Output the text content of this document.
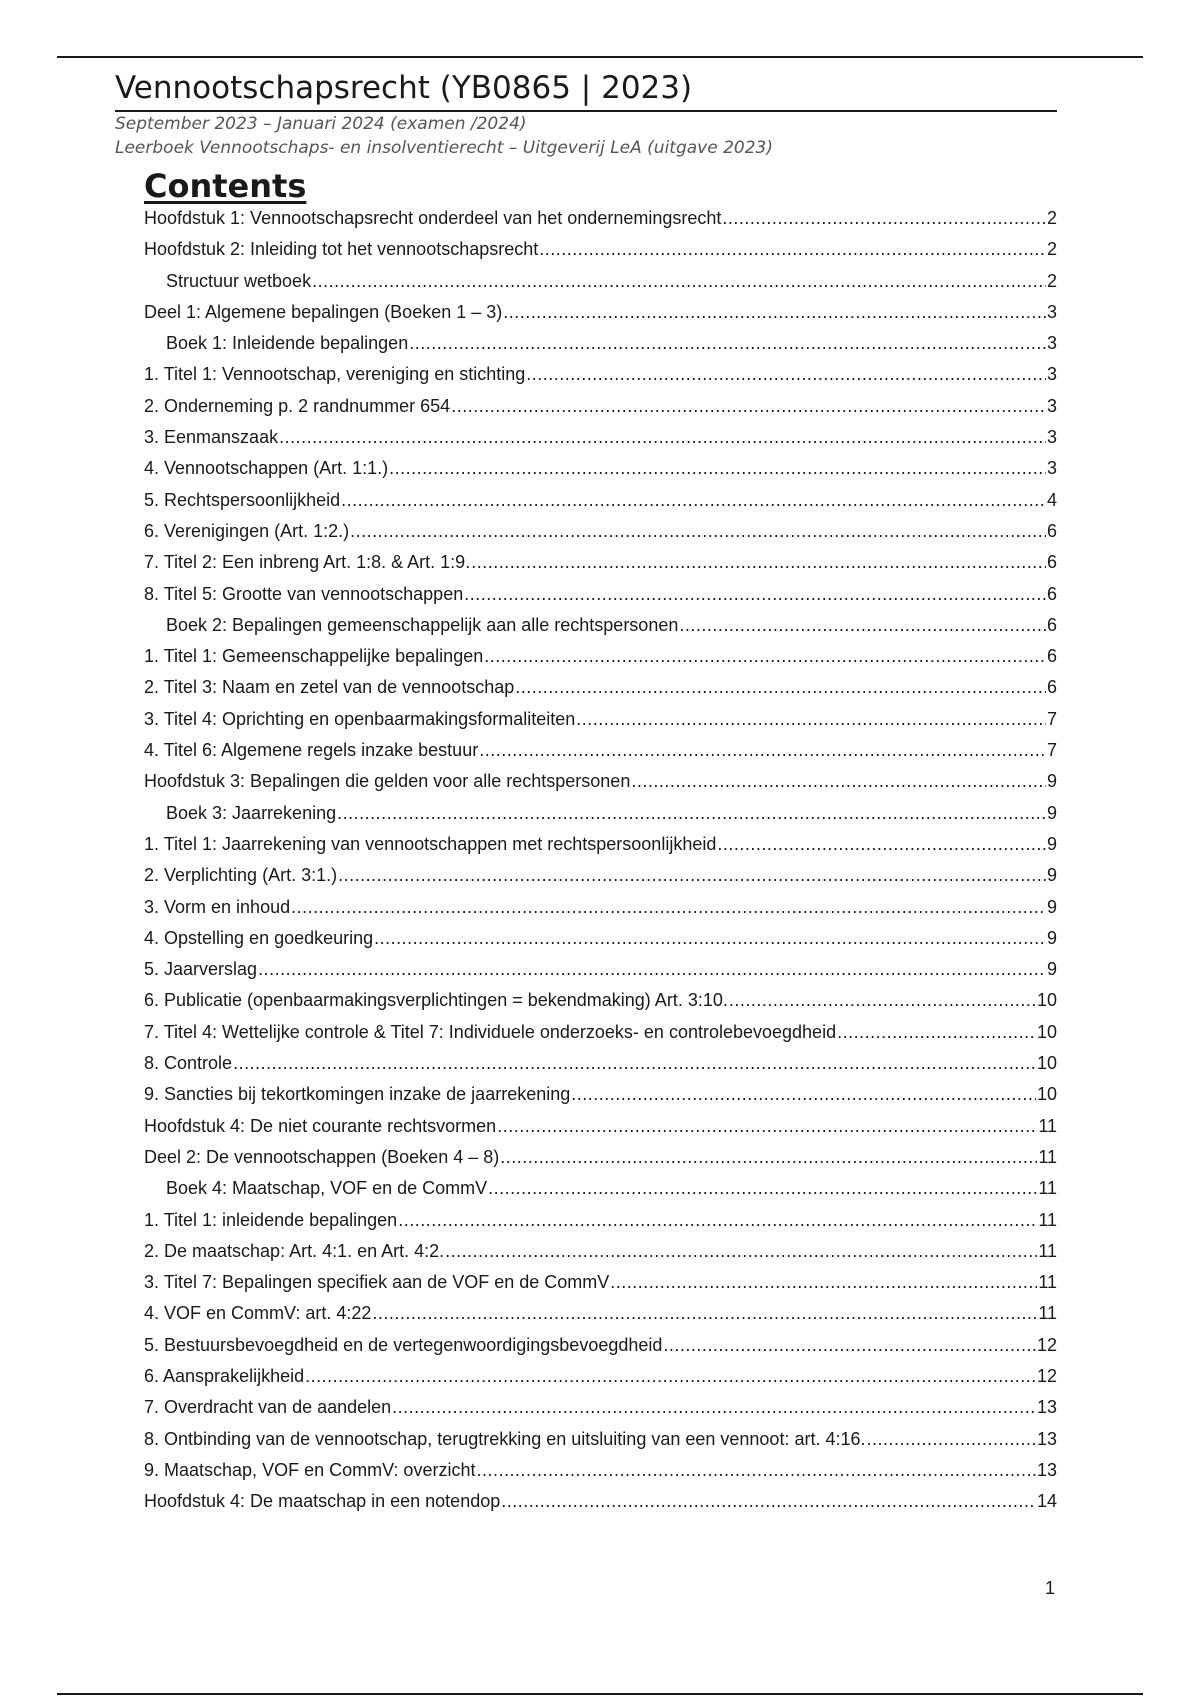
Vennootschapsrecht (YB0865 | 2023)
September 2023 – Januari 2024 (examen /2024)
Leerboek Vennootschaps- en insolventierecht – Uitgeverij LeA (uitgave 2023)
Contents
Hoofdstuk 1: Vennootschapsrecht onderdeel van het ondernemingsrecht .....	2
Hoofdstuk 2: Inleiding tot het vennootschapsrecht .....	2
Structuur wetboek .....	2
Deel 1: Algemene bepalingen (Boeken 1 – 3) .....	3
Boek 1: Inleidende bepalingen .....	3
1. Titel 1: Vennootschap, vereniging en stichting .....	3
2. Onderneming p. 2 randnummer 654 .....	3
3. Eenmanszaak .....	3
4. Vennootschappen (Art. 1:1.) .....	3
5. Rechtspersoonlijkheid .....	4
6. Verenigingen (Art. 1:2.) .....	6
7. Titel 2: Een inbreng Art. 1:8. & Art. 1:9. .....	6
8. Titel 5: Grootte van vennootschappen .....	6
Boek 2: Bepalingen gemeenschappelijk aan alle rechtspersonen .....	6
1. Titel 1: Gemeenschappelijke bepalingen .....	6
2. Titel 3: Naam en zetel van de vennootschap .....	6
3. Titel 4: Oprichting en openbaarmakingsformaliteiten .....	7
4. Titel 6: Algemene regels inzake bestuur .....	7
Hoofdstuk 3: Bepalingen die gelden voor alle rechtspersonen .....	9
Boek 3: Jaarrekening .....	9
1. Titel 1: Jaarrekening van vennootschappen met rechtspersoonlijkheid .....	9
2. Verplichting (Art. 3:1.) .....	9
3. Vorm en inhoud .....	9
4. Opstelling en goedkeuring .....	9
5. Jaarverslag .....	9
6. Publicatie (openbaarmakingsverplichtingen = bekendmaking) Art. 3:10. .....	10
7. Titel 4: Wettelijke controle & Titel 7: Individuele onderzoeks- en controlebevoegdheid .....	10
8. Controle .....	10
9. Sancties bij tekortkomingen inzake de jaarrekening .....	10
Hoofdstuk 4: De niet courante rechtsvormen .....	11
Deel 2: De vennootschappen (Boeken 4 – 8) .....	11
Boek 4: Maatschap, VOF en de CommV .....	11
1. Titel 1: inleidende bepalingen .....	11
2. De maatschap: Art. 4:1. en Art. 4:2. .....	11
3. Titel 7: Bepalingen specifiek aan de VOF en de CommV .....	11
4. VOF en CommV: art. 4:22 .....	11
5. Bestuursbevoegdheid en de vertegenwoordigingsbevoegdheid .....	12
6. Aansprakelijkheid .....	12
7. Overdracht van de aandelen .....	13
8. Ontbinding van de vennootschap, terugtrekking en uitsluiting van een vennoot: art. 4:16. .....	13
9. Maatschap, VOF en CommV: overzicht .....	13
Hoofdstuk 4: De maatschap in een notendop .....	14
1
